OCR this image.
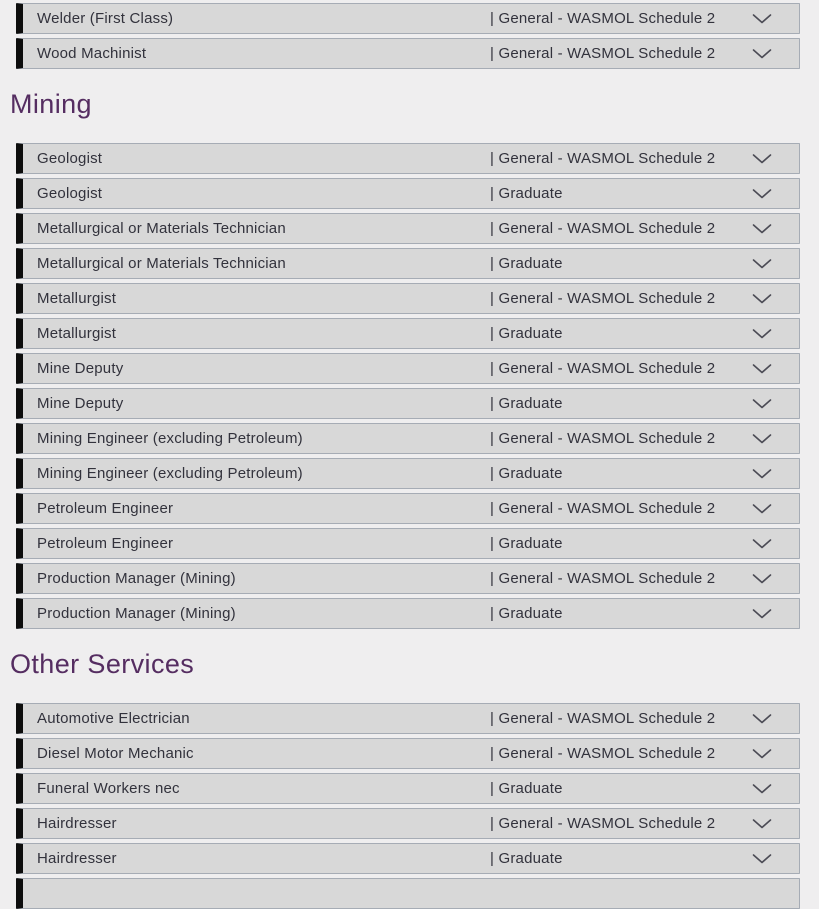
Welder (First Class)	| General - WASMOL Schedule 2
Wood Machinist	| General - WASMOL Schedule 2
Mining
Geologist	| General - WASMOL Schedule 2
Geologist	| Graduate
Metallurgical or Materials Technician	| General - WASMOL Schedule 2
Metallurgical or Materials Technician	| Graduate
Metallurgist	| General - WASMOL Schedule 2
Metallurgist	| Graduate
Mine Deputy	| General - WASMOL Schedule 2
Mine Deputy	| Graduate
Mining Engineer (excluding Petroleum)	| General - WASMOL Schedule 2
Mining Engineer (excluding Petroleum)	| Graduate
Petroleum Engineer	| General - WASMOL Schedule 2
Petroleum Engineer	| Graduate
Production Manager (Mining)	| General - WASMOL Schedule 2
Production Manager (Mining)	| Graduate
Other Services
Automotive Electrician	| General - WASMOL Schedule 2
Diesel Motor Mechanic	| General - WASMOL Schedule 2
Funeral Workers nec	| Graduate
Hairdresser	| General - WASMOL Schedule 2
Hairdresser	| Graduate
